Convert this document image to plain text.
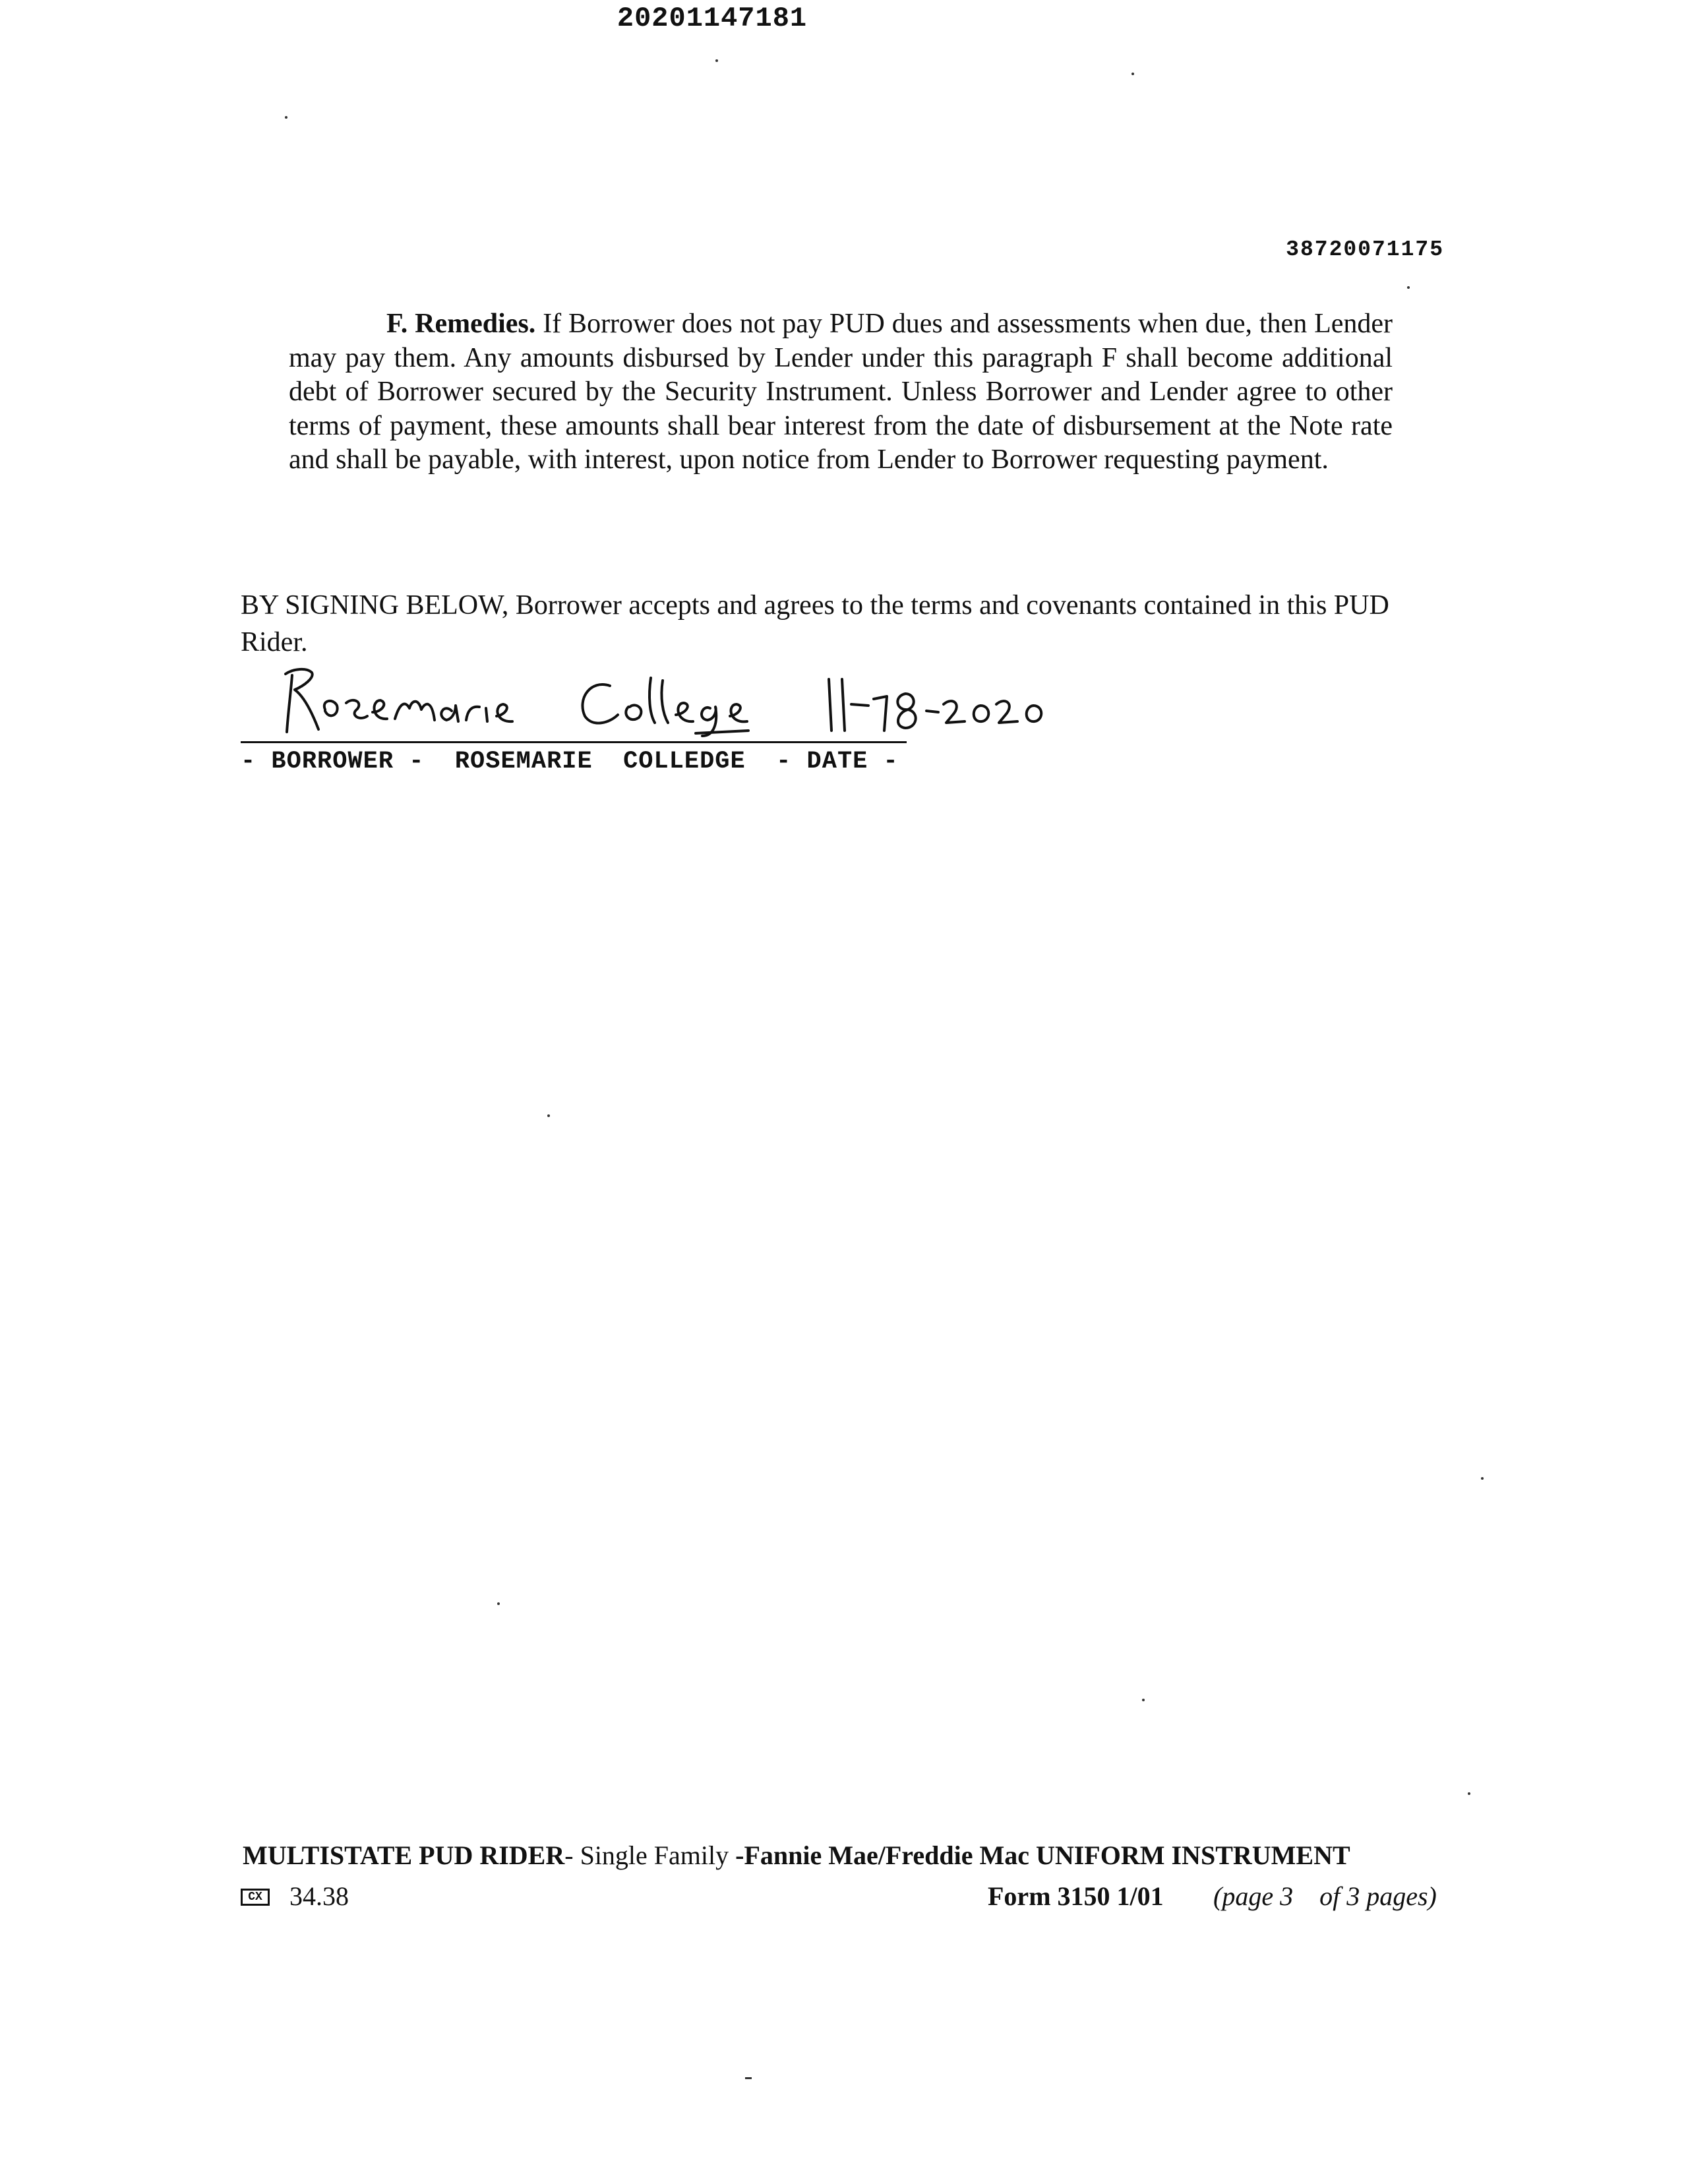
20201147181
38720071175
F. Remedies. If Borrower does not pay PUD dues and assessments when due, then Lender may pay them. Any amounts disbursed by Lender under this paragraph F shall become additional debt of Borrower secured by the Security Instrument. Unless Borrower and Lender agree to other terms of payment, these amounts shall bear interest from the date of disbursement at the Note rate and shall be payable, with interest, upon notice from Lender to Borrower requesting payment.
BY SIGNING BELOW, Borrower accepts and agrees to the terms and covenants contained in this PUD Rider.
- BORROWER -  ROSEMARIE  COLLEDGE  - DATE -
MULTISTATE PUD RIDER- Single Family -Fannie Mae/Freddie Mac UNIFORM INSTRUMENT
CX 34.38	Form 3150 1/01 (page 3    of 3 pages)
